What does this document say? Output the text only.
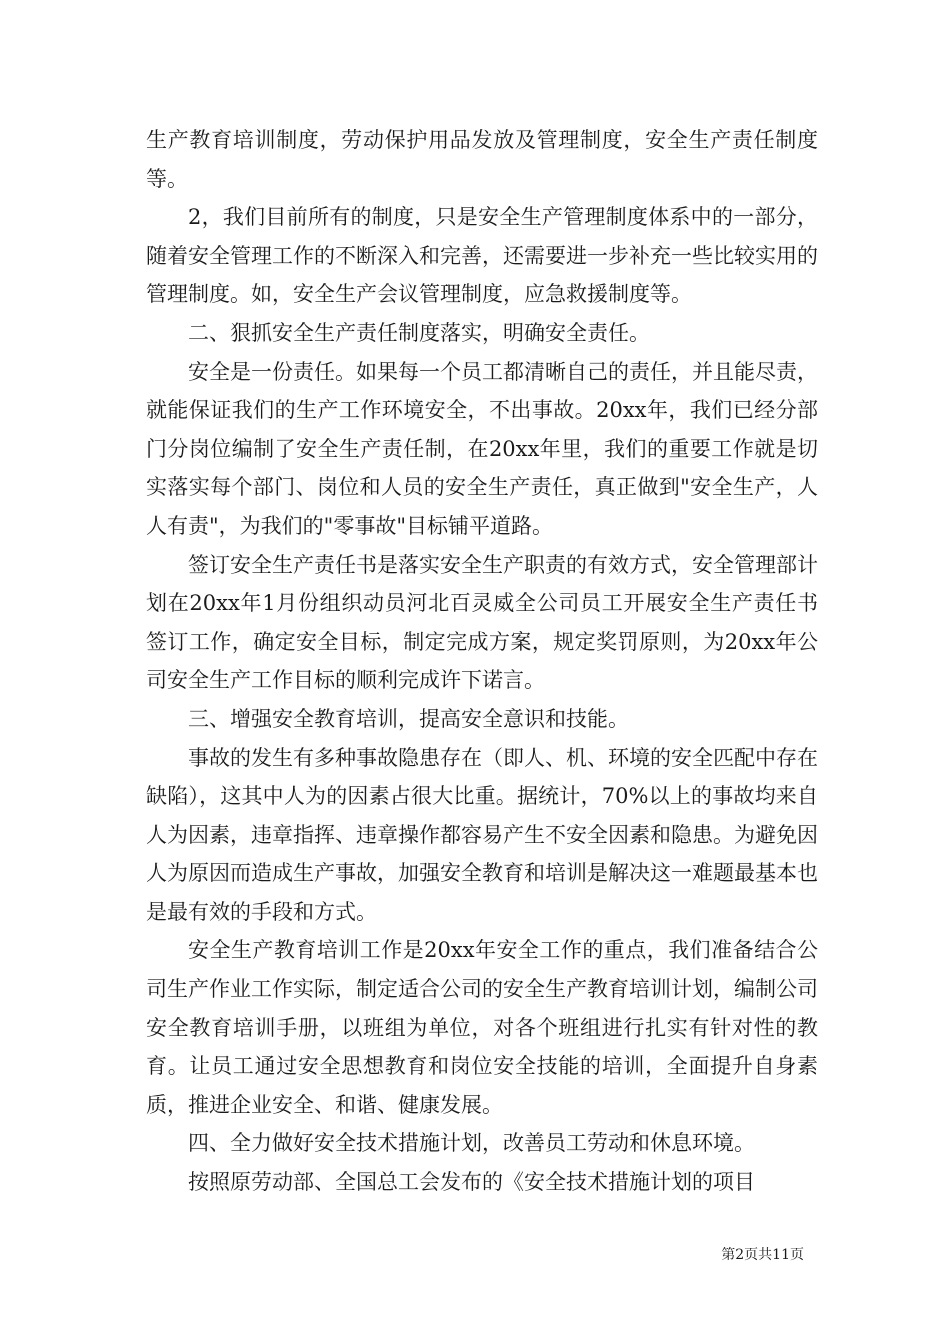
生产教育培训制度，劳动保护用品发放及管理制度，安全生产责任制度等。

2，我们目前所有的制度，只是安全生产管理制度体系中的一部分，随着安全管理工作的不断深入和完善，还需要进一步补充一些比较实用的管理制度。如，安全生产会议管理制度，应急救援制度等。

二、狠抓安全生产责任制度落实，明确安全责任。

安全是一份责任。如果每一个员工都清晰自己的责任，并且能尽责，就能保证我们的生产工作环境安全，不出事故。20xx年，我们已经分部门分岗位编制了安全生产责任制，在20xx年里，我们的重要工作就是切实落实每个部门、岗位和人员的安全生产责任，真正做到"安全生产，人人有责"，为我们的"零事故"目标铺平道路。

签订安全生产责任书是落实安全生产职责的有效方式，安全管理部计划在20xx年1月份组织动员河北百灵威全公司员工开展安全生产责任书签订工作，确定安全目标，制定完成方案，规定奖罚原则，为20xx年公司安全生产工作目标的顺利完成许下诺言。

三、增强安全教育培训，提高安全意识和技能。

事故的发生有多种事故隐患存在（即人、机、环境的安全匹配中存在缺陷），这其中人为的因素占很大比重。据统计，70%以上的事故均来自人为因素，违章指挥、违章操作都容易产生不安全因素和隐患。为避免因人为原因而造成生产事故，加强安全教育和培训是解决这一难题最基本也是最有效的手段和方式。

安全生产教育培训工作是20xx年安全工作的重点，我们准备结合公司生产作业工作实际，制定适合公司的安全生产教育培训计划，编制公司安全教育培训手册，以班组为单位，对各个班组进行扎实有针对性的教育。让员工通过安全思想教育和岗位安全技能的培训，全面提升自身素质，推进企业安全、和谐、健康发展。

四、全力做好安全技术措施计划，改善员工劳动和休息环境。

按照原劳动部、全国总工会发布的《安全技术措施计划的项目

第2页共11页
